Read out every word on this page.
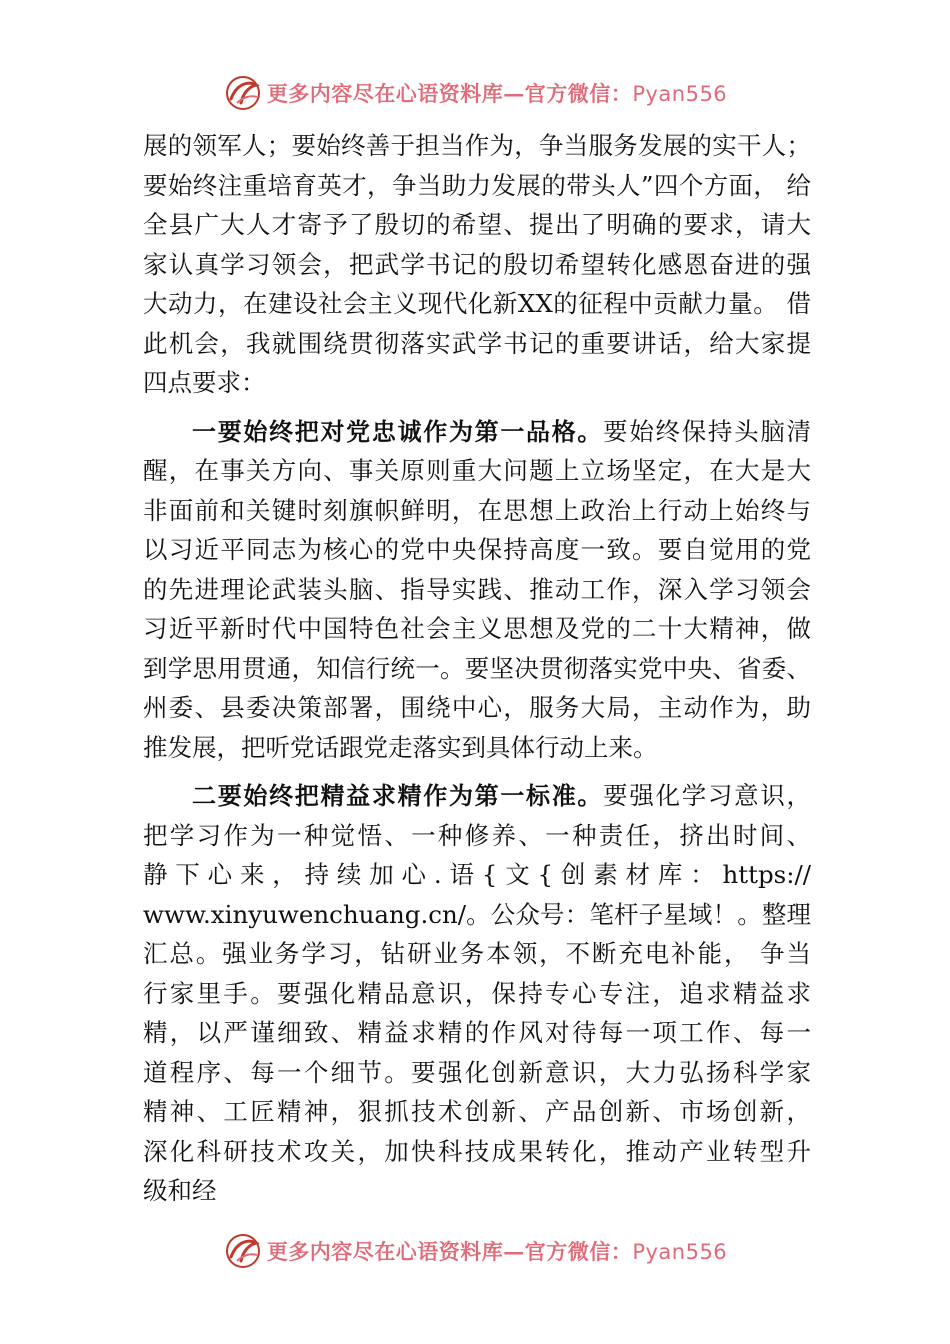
更多内容尽在心语资料库—官方微信：Pyan556
展的领军人；要始终善于担当作为，争当服务发展的实干人；
要始终注重培育英才，争当助力发展的带头人”四个方面， 给
全县广大人才寄予了殷切的希望、提出了明确的要求，请大
家认真学习领会，把武学书记的殷切希望转化感恩奋进的强
大动力，在建设社会主义现代化新XX的征程中贡献力量。 借
此机会，我就围绕贯彻落实武学书记的重要讲话，给大家提
四点要求：
一要始终把对党忠诚作为第一品格。要始终保持头脑清
醒，在事关方向、事关原则重大问题上立场坚定，在大是大
非面前和关键时刻旗帜鲜明，在思想上政治上行动上始终与
以习近平同志为核心的党中央保持高度一致。要自觉用的党
的先进理论武装头脑、指导实践、推动工作，深入学习领会
习近平新时代中国特色社会主义思想及党的二十大精神，做
到学思用贯通，知信行统一。要坚决贯彻落实党中央、省委、
州委、县委决策部署，围绕中心，服务大局，主动作为，助
推发展，把听党话跟党走落实到具体行动上来。
二要始终把精益求精作为第一标准。要强化学习意识，
把学习作为一种觉悟、一种修养、一种责任，挤出时间、
静下心来，持续加心.语{文{创素材库：https://
www.xinyuwenchuang.cn/。公众号：笔杆子星域！。整理
汇总。强业务学习，钻研业务本领，不断充电补能， 争当
行家里手。要强化精品意识，保持专心专注，追求精益求
精，以严谨细致、精益求精的作风对待每一项工作、每一
道程序、每一个细节。要强化创新意识，大力弘扬科学家
精神、工匠精神，狠抓技术创新、产品创新、市场创新，
深化科研技术攻关，加快科技成果转化，推动产业转型升
级和经
更多内容尽在心语资料库—官方微信：Pyan556
